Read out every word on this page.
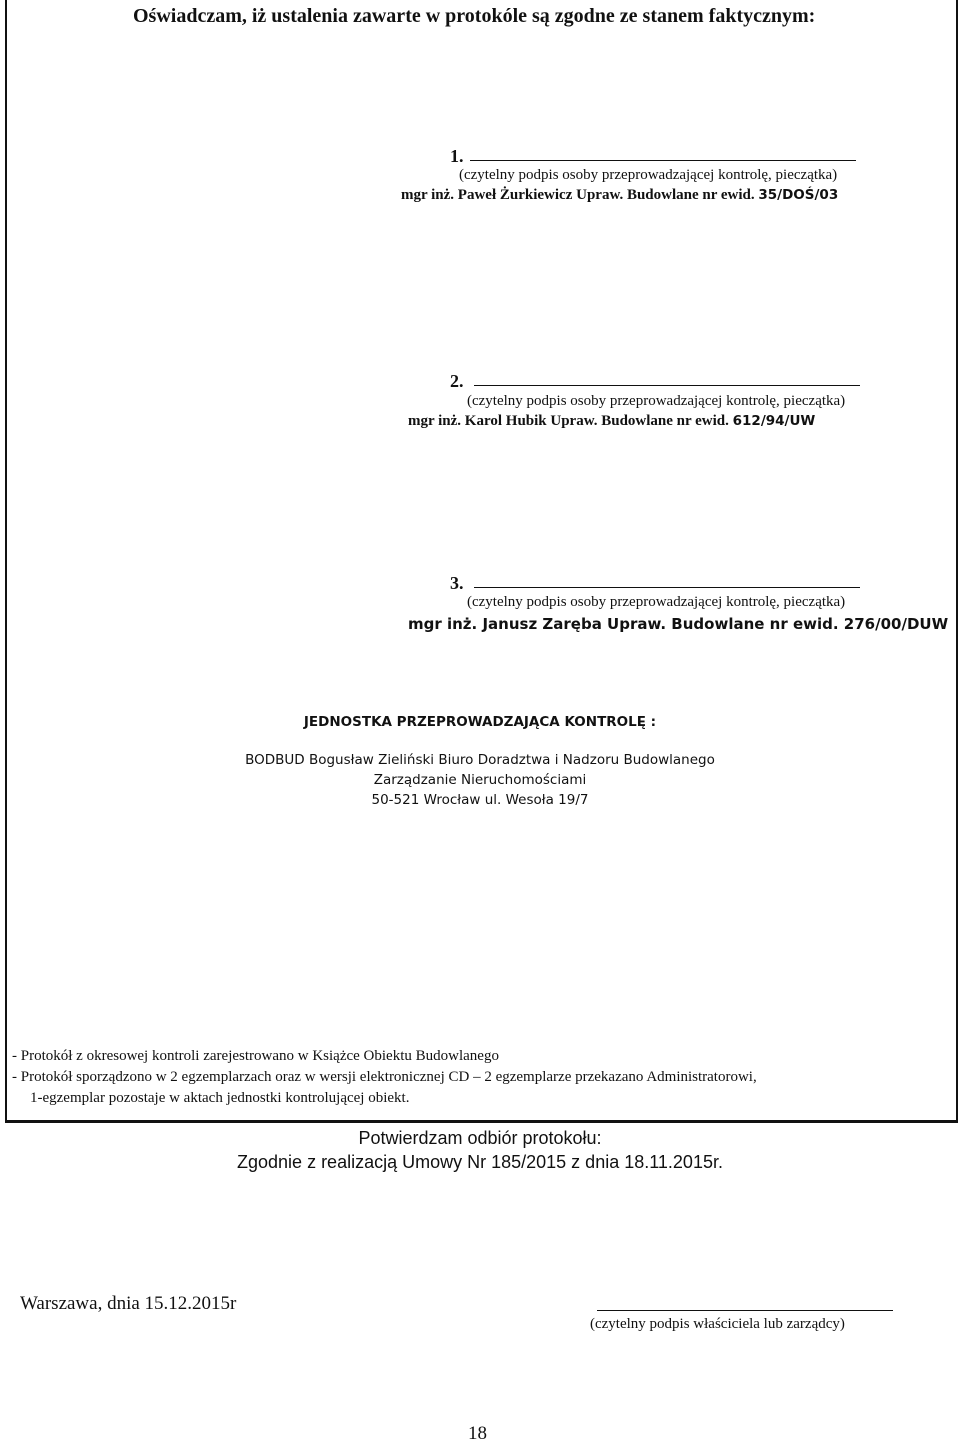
Oświadczam, iż ustalenia zawarte w protokóle są zgodne ze stanem faktycznym:
1.
(czytelny podpis osoby przeprowadzającej kontrolę, pieczątka)
mgr inż. Paweł Żurkiewicz Upraw. Budowlane nr ewid. 35/DOŚ/03
2.
(czytelny podpis osoby przeprowadzającej kontrolę, pieczątka)
mgr inż. Karol Hubik Upraw. Budowlane nr ewid. 612/94/UW
3.
(czytelny podpis osoby przeprowadzającej kontrolę, pieczątka)
mgr inż. Janusz Zaręba Upraw. Budowlane nr ewid. 276/00/DUW
JEDNOSTKA PRZEPROWADZAJĄCA KONTROLĘ :
BODBUD Bogusław Zieliński Biuro Doradztwa i Nadzoru Budowlanego
Zarządzanie Nieruchomościami
50-521 Wrocław ul. Wesoła 19/7
- Protokół z okresowej kontroli zarejestrowano w Książce Obiektu Budowlanego
- Protokół sporządzono w 2 egzemplarzach oraz w wersji elektronicznej CD – 2 egzemplarze przekazano Administratorowi,
1-egzemplar pozostaje w aktach jednostki kontrolującej obiekt.
Potwierdzam odbiór protokołu:
Zgodnie z realizacją Umowy Nr 185/2015 z dnia 18.11.2015r.
Warszawa, dnia 15.12.2015r
(czytelny podpis właściciela lub zarządcy)
18
